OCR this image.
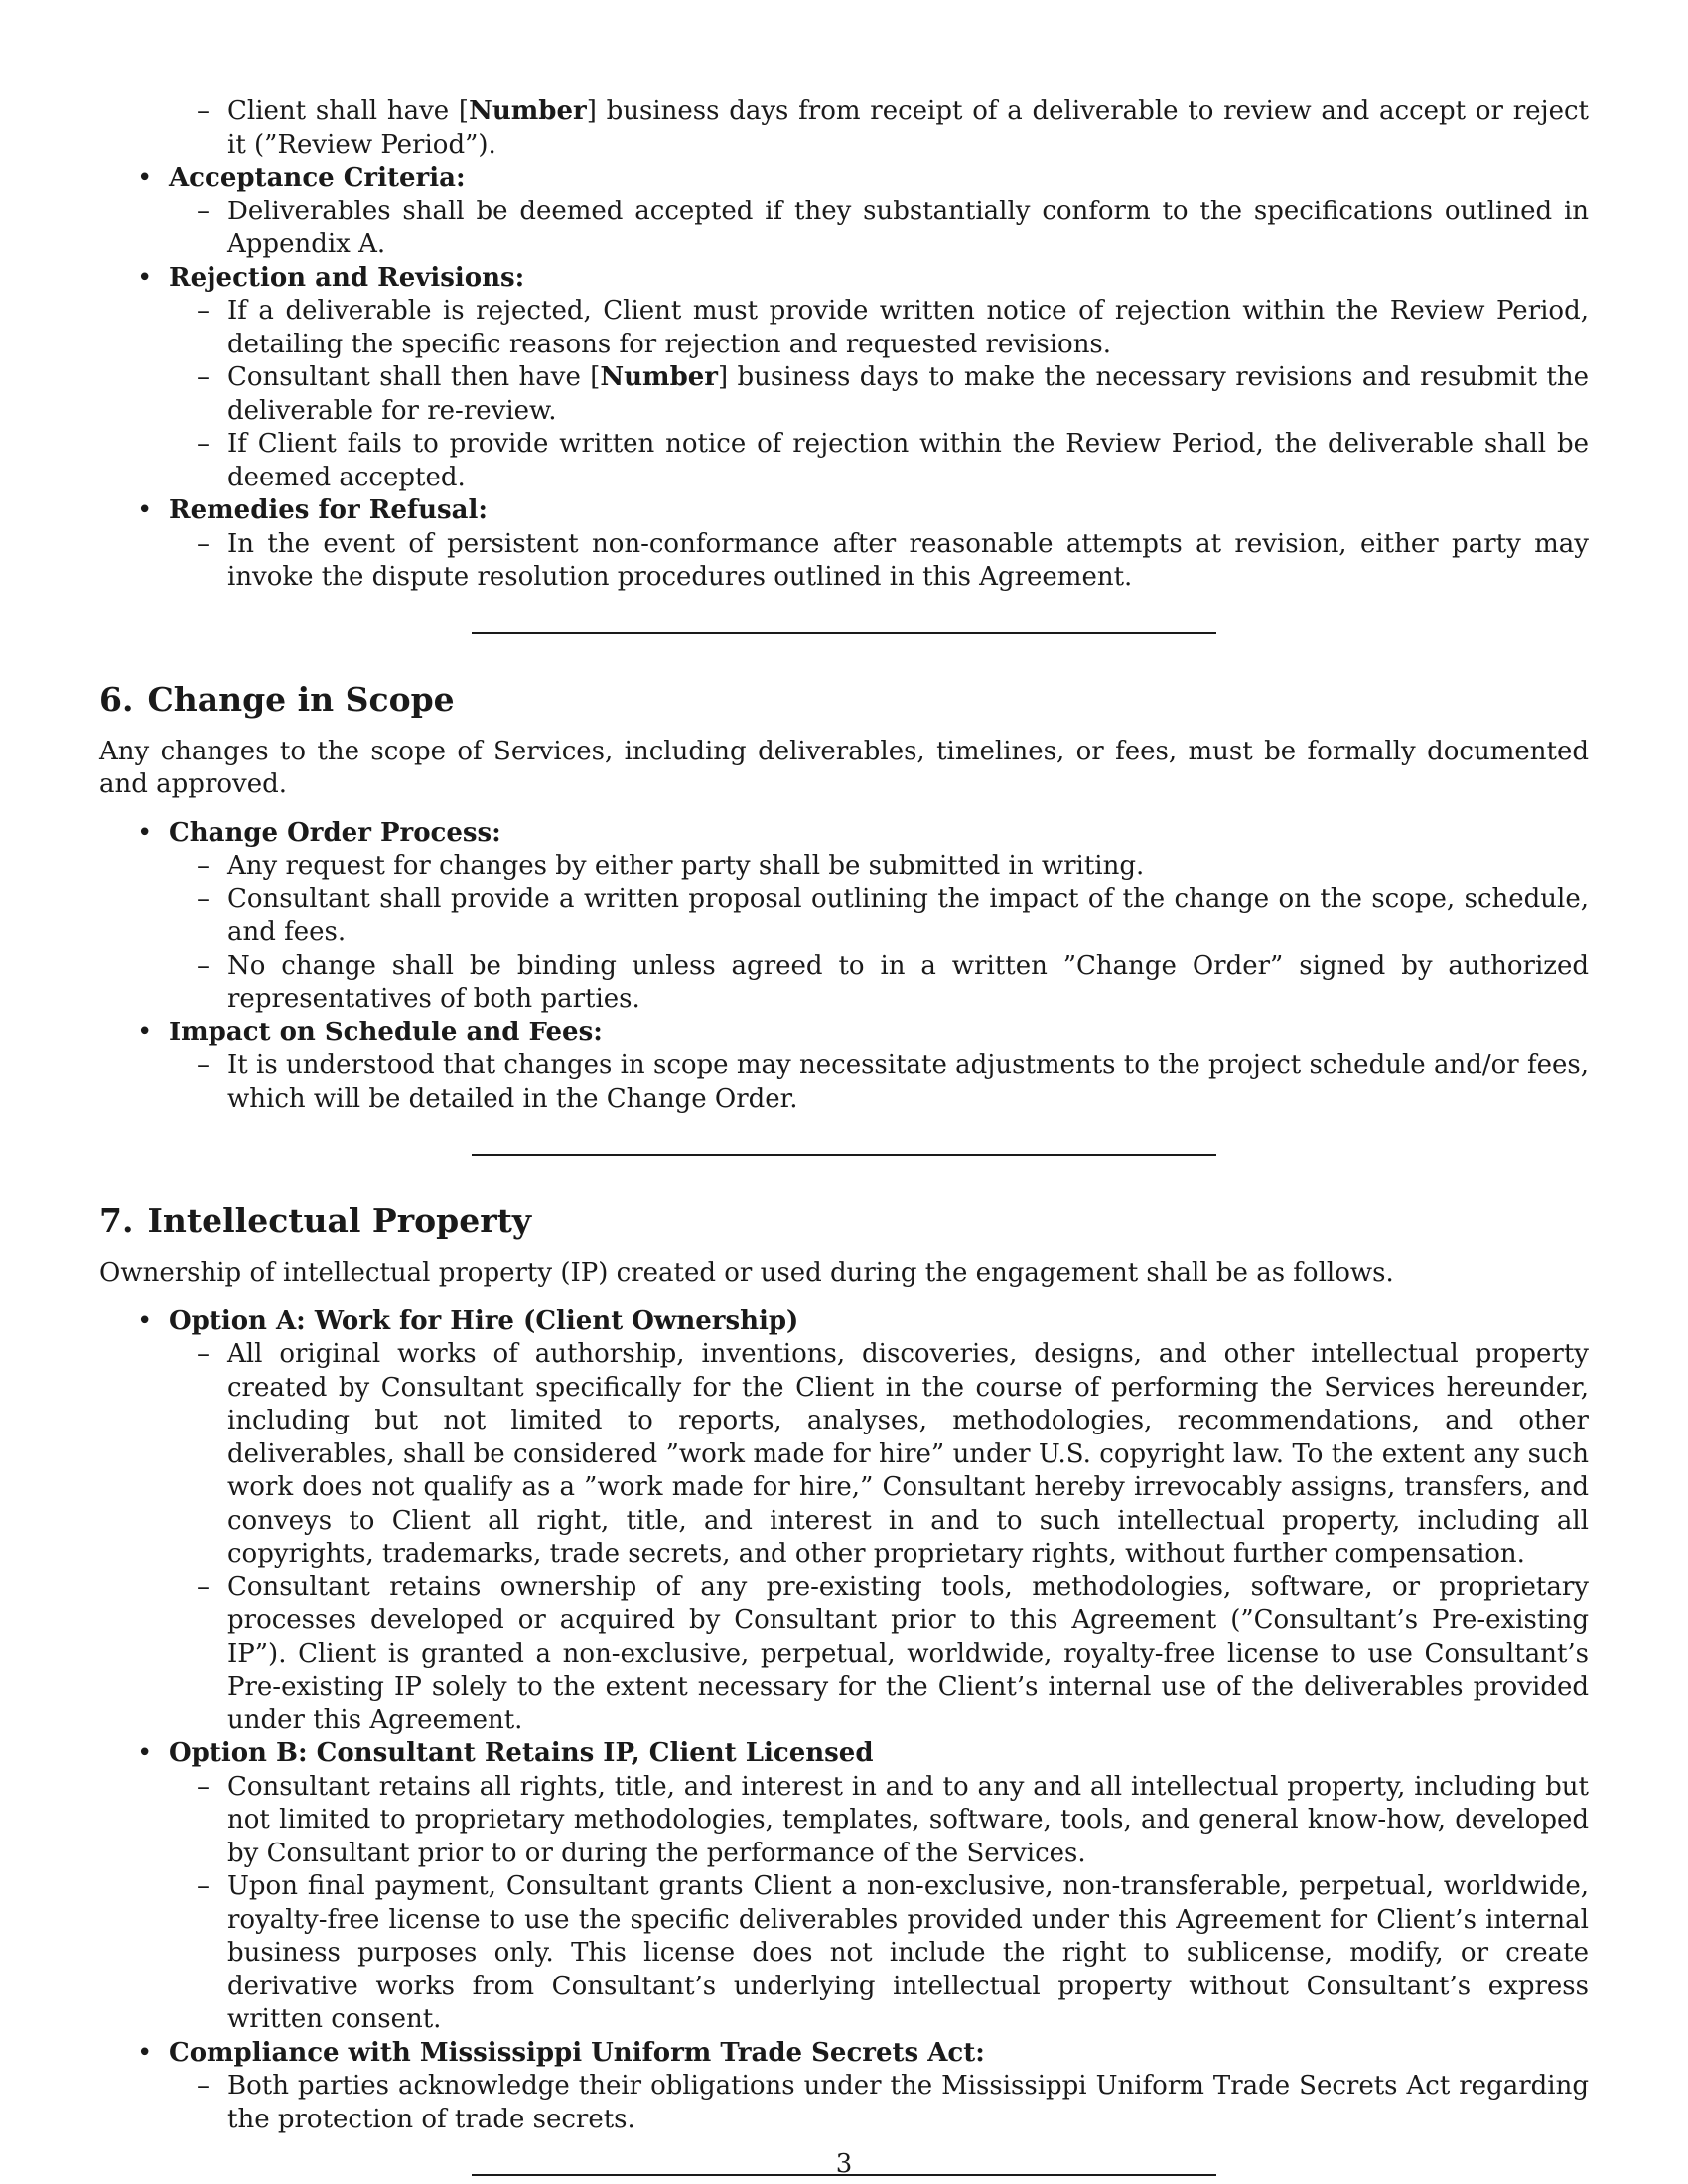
– Client shall have [Number] business days from receipt of a deliverable to review and accept or reject it (”Review Period”).
• Acceptance Criteria:
– Deliverables shall be deemed accepted if they substantially conform to the specifications outlined in Appendix A.
• Rejection and Revisions:
– If a deliverable is rejected, Client must provide written notice of rejection within the Review Period, detailing the specific reasons for rejection and requested revisions.
– Consultant shall then have [Number] business days to make the necessary revisions and resubmit the deliverable for re-review.
– If Client fails to provide written notice of rejection within the Review Period, the deliverable shall be deemed accepted.
• Remedies for Refusal:
– In the event of persistent non-conformance after reasonable attempts at revision, either party may invoke the dispute resolution procedures outlined in this Agreement.
6. Change in Scope

Any changes to the scope of Services, including deliverables, timelines, or fees, must be formally documented and approved.

• Change Order Process:
– Any request for changes by either party shall be submitted in writing.
– Consultant shall provide a written proposal outlining the impact of the change on the scope, schedule, and fees.
– No change shall be binding unless agreed to in a written ”Change Order” signed by authorized representatives of both parties.
• Impact on Schedule and Fees:
– It is understood that changes in scope may necessitate adjustments to the project schedule and/or fees, which will be detailed in the Change Order.
7. Intellectual Property

Ownership of intellectual property (IP) created or used during the engagement shall be as follows.

• Option A: Work for Hire (Client Ownership)
– All original works of authorship, inventions, discoveries, designs, and other intellectual property created by Consultant specifically for the Client in the course of performing the Services hereunder, including but not limited to reports, analyses, methodologies, recommendations, and other deliverables, shall be considered ”work made for hire” under U.S. copyright law. To the extent any such work does not qualify as a ”work made for hire,” Consultant hereby irrevocably assigns, transfers, and conveys to Client all right, title, and interest in and to such intellectual property, including all copyrights, trademarks, trade secrets, and other proprietary rights, without further compensation.
– Consultant retains ownership of any pre-existing tools, methodologies, software, or proprietary processes developed or acquired by Consultant prior to this Agreement (”Consultant’s Pre-existing IP”). Client is granted a non-exclusive, perpetual, worldwide, royalty-free license to use Consultant’s Pre-existing IP solely to the extent necessary for the Client’s internal use of the deliverables provided under this Agreement.
• Option B: Consultant Retains IP, Client Licensed
– Consultant retains all rights, title, and interest in and to any and all intellectual property, including but not limited to proprietary methodologies, templates, software, tools, and general know-how, developed by Consultant prior to or during the performance of the Services.
– Upon final payment, Consultant grants Client a non-exclusive, non-transferable, perpetual, worldwide, royalty-free license to use the specific deliverables provided under this Agreement for Client’s internal business purposes only. This license does not include the right to sublicense, modify, or create derivative works from Consultant’s underlying intellectual property without Consultant’s express written consent.
• Compliance with Mississippi Uniform Trade Secrets Act:
– Both parties acknowledge their obligations under the Mississippi Uniform Trade Secrets Act regarding the protection of trade secrets.
3
